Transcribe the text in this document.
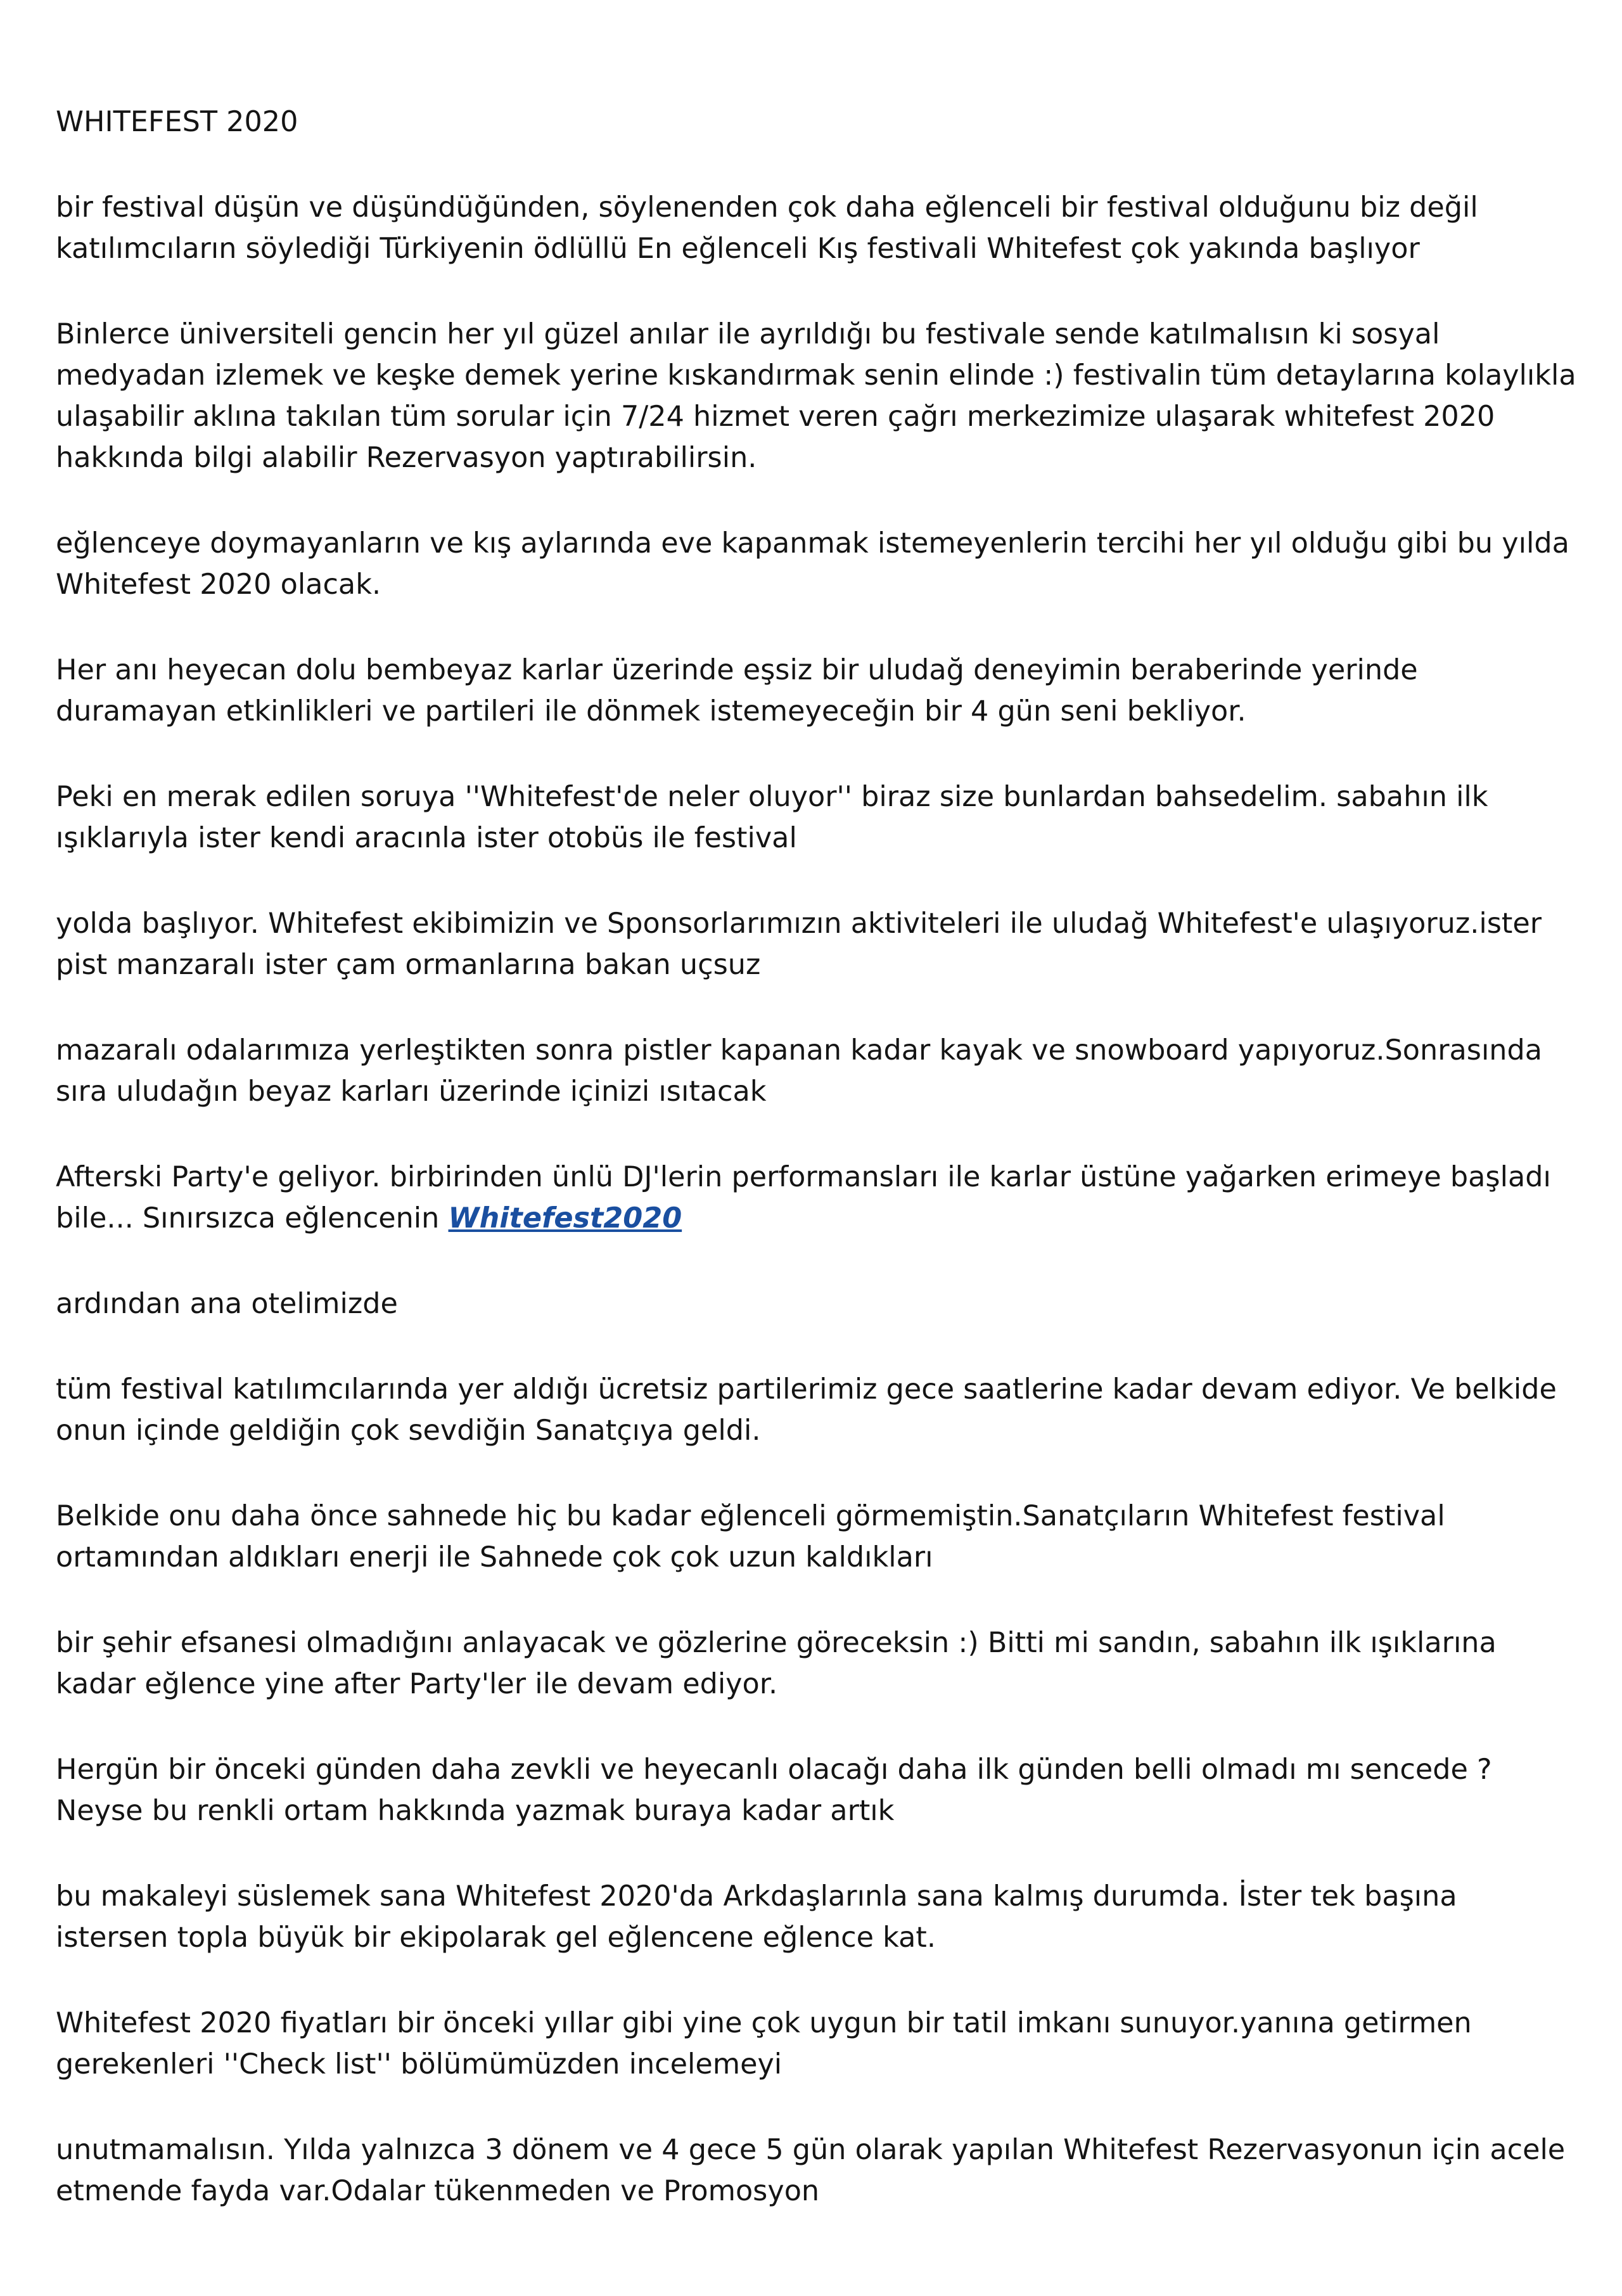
WHITEFEST 2020

bir festival düşün ve düşündüğünden, söylenenden çok daha eğlenceli bir festival olduğunu biz değil katılımcıların söylediği Türkiyenin ödlüllü En eğlenceli Kış festivali Whitefest çok yakında başlıyor

Binlerce üniversiteli gencin her yıl güzel anılar ile ayrıldığı bu festivale sende katılmalısın ki sosyal medyadan izlemek ve keşke demek yerine kıskandırmak senin elinde :) festivalin tüm detaylarına kolaylıkla ulaşabilir aklına takılan tüm sorular için 7/24 hizmet veren çağrı merkezimize ulaşarak whitefest 2020 hakkında bilgi alabilir Rezervasyon yaptırabilirsin.

eğlenceye doymayanların ve kış aylarında eve kapanmak istemeyenlerin tercihi her yıl olduğu gibi bu yılda Whitefest 2020 olacak.

Her anı heyecan dolu bembeyaz karlar üzerinde eşsiz bir uludağ deneyimin beraberinde yerinde duramayan etkinlikleri ve partileri ile dönmek istemeyeceğin bir 4 gün seni bekliyor.

Peki en merak edilen soruya ''Whitefest'de neler oluyor'' biraz size bunlardan bahsedelim. sabahın ilk ışıklarıyla ister kendi aracınla ister otobüs ile festival

yolda başlıyor. Whitefest ekibimizin ve Sponsorlarımızın aktiviteleri ile uludağ Whitefest'e ulaşıyoruz.ister pist manzaralı ister çam ormanlarına bakan uçsuz

mazaralı odalarımıza yerleştikten sonra pistler kapanan kadar kayak ve snowboard yapıyoruz.Sonrasında sıra uludağın beyaz karları üzerinde içinizi ısıtacak

Afterski Party'e geliyor. birbirinden ünlü DJ'lerin performansları ile karlar üstüne yağarken erimeye başladı bile... Sınırsızca eğlencenin Whitefest2020

ardından ana otelimizde

tüm festival katılımcılarında yer aldığı ücretsiz partilerimiz gece saatlerine kadar devam ediyor. Ve belkide onun içinde geldiğin çok sevdiğin Sanatçıya geldi.

Belkide onu daha önce sahnede hiç bu kadar eğlenceli görmemiştin.Sanatçıların Whitefest festival ortamından aldıkları enerji ile Sahnede çok çok uzun kaldıkları

bir şehir efsanesi olmadığını anlayacak ve gözlerine göreceksin :) Bitti mi sandın, sabahın ilk ışıklarına kadar eğlence yine after Party'ler ile devam ediyor.

Hergün bir önceki günden daha zevkli ve heyecanlı olacağı daha ilk günden belli olmadı mı sencede ? Neyse bu renkli ortam hakkında yazmak buraya kadar artık

bu makaleyi süslemek sana Whitefest 2020'da Arkdaşlarınla sana kalmış durumda. İster tek başına istersen topla büyük bir ekipolarak gel eğlencene eğlence kat.

Whitefest 2020 fiyatları bir önceki yıllar gibi yine çok uygun bir tatil imkanı sunuyor.yanına getirmen gerekenleri ''Check list'' bölümümüzden incelemeyi

unutmamalısın. Yılda yalnızca 3 dönem ve 4 gece 5 gün olarak yapılan Whitefest Rezervasyonun için acele etmende fayda var.Odalar tükenmeden ve Promosyon
